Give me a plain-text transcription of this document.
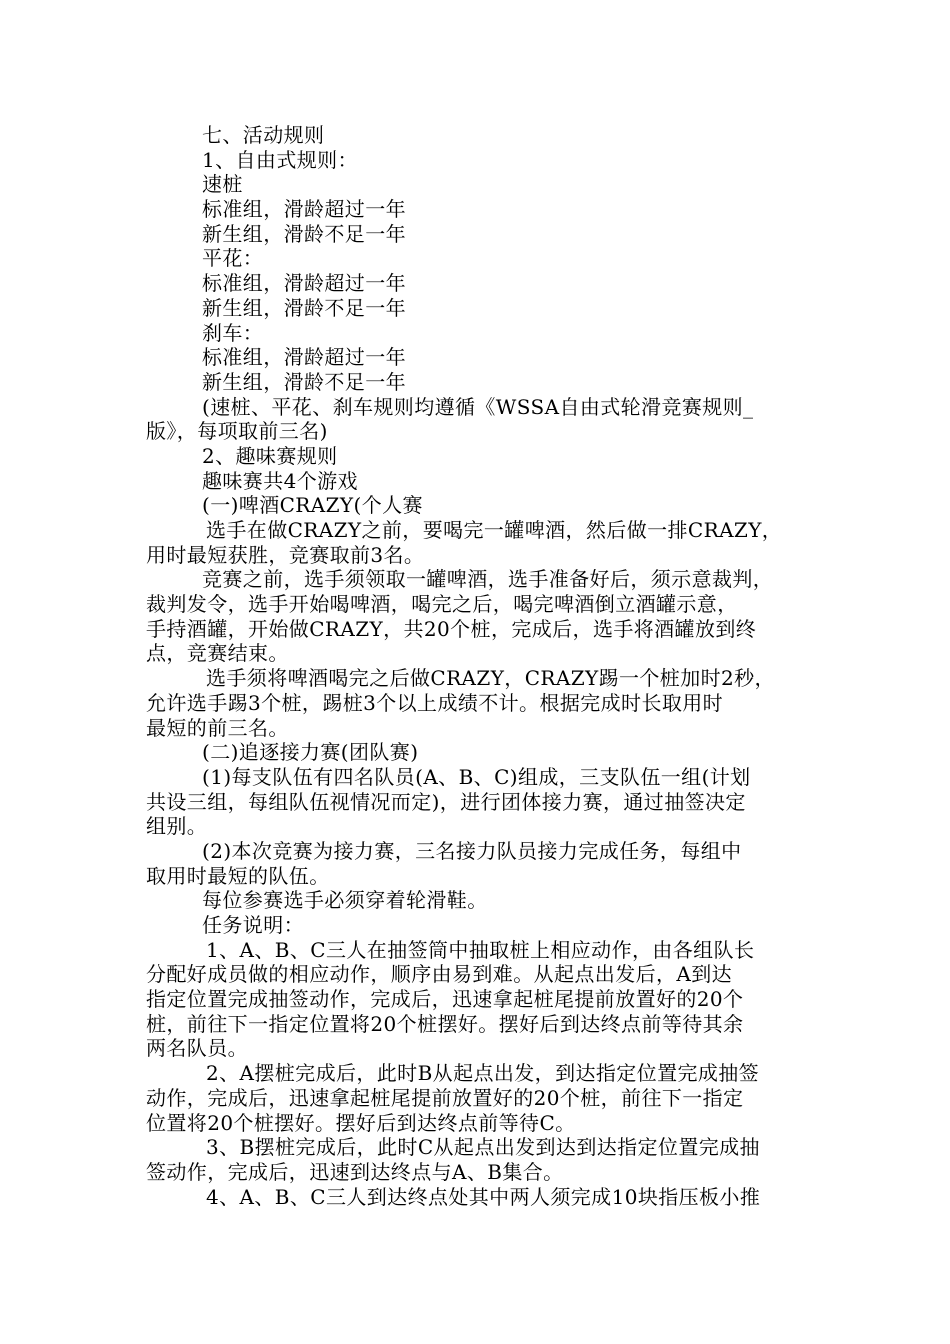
七、活动规则
1、自由式规则：
速桩
标准组，滑龄超过一年
新生组，滑龄不足一年
平花：
标准组，滑龄超过一年
新生组，滑龄不足一年
刹车：
标准组，滑龄超过一年
新生组，滑龄不足一年
(速桩、平花、刹车规则均遵循《WSSA自由式轮滑竞赛规则_
版》，每项取前三名)
2、趣味赛规则
趣味赛共4个游戏
(一)啤酒CRAZY(个人赛
选手在做CRAZY之前，要喝完一罐啤酒，然后做一排CRAZY，
用时最短获胜，竞赛取前3名。
竞赛之前，选手须领取一罐啤酒，选手准备好后，须示意裁判，
裁判发令，选手开始喝啤酒，喝完之后，喝完啤酒倒立酒罐示意，
手持酒罐，开始做CRAZY，共20个桩，完成后，选手将酒罐放到终
点，竞赛结束。
选手须将啤酒喝完之后做CRAZY，CRAZY踢一个桩加时2秒，
允许选手踢3个桩，踢桩3个以上成绩不计。根据完成时长取用时
最短的前三名。
(二)追逐接力赛(团队赛)
(1)每支队伍有四名队员(A、B、C)组成，三支队伍一组(计划
共设三组，每组队伍视情况而定)，进行团体接力赛，通过抽签决定
组别。
(2)本次竞赛为接力赛，三名接力队员接力完成任务，每组中
取用时最短的队伍。
每位参赛选手必须穿着轮滑鞋。
任务说明：
1、A、B、C三人在抽签筒中抽取桩上相应动作，由各组队长
分配好成员做的相应动作，顺序由易到难。从起点出发后，A到达
指定位置完成抽签动作，完成后，迅速拿起桩尾提前放置好的20个
桩，前往下一指定位置将20个桩摆好。摆好后到达终点前等待其余
两名队员。
2、A摆桩完成后，此时B从起点出发，到达指定位置完成抽签
动作，完成后，迅速拿起桩尾提前放置好的20个桩，前往下一指定
位置将20个桩摆好。摆好后到达终点前等待C。
3、B摆桩完成后，此时C从起点出发到达到达指定位置完成抽
签动作，完成后，迅速到达终点与A、B集合。
4、A、B、C三人到达终点处其中两人须完成10块指压板小推
